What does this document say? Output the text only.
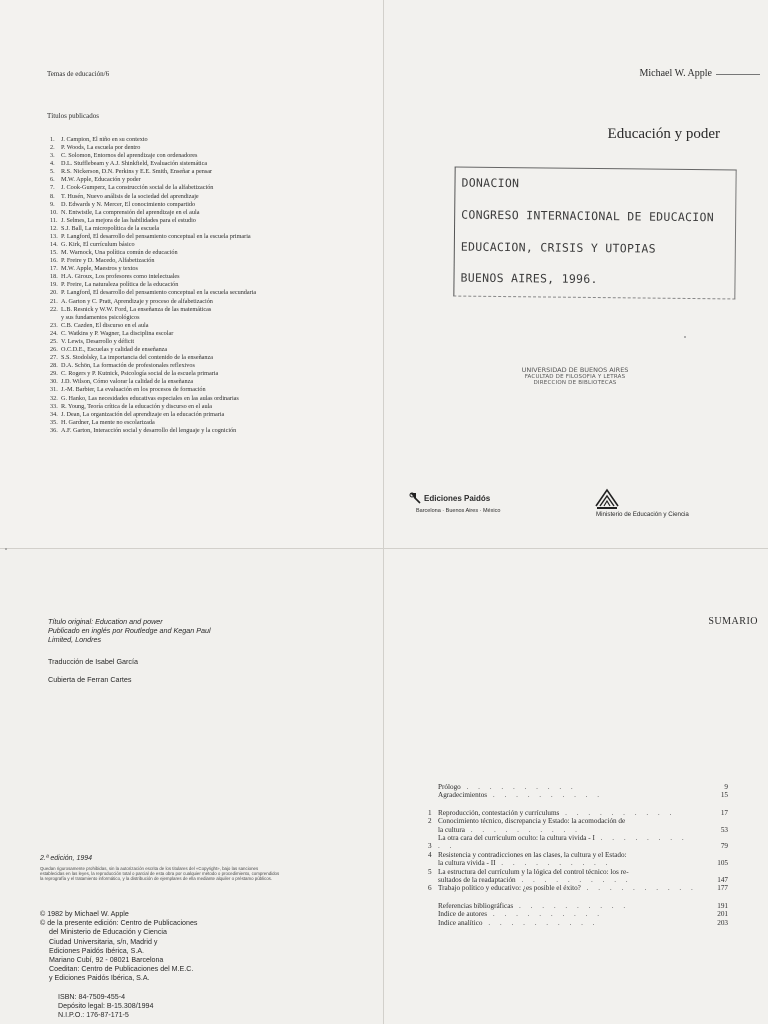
Temas de educación/6
Títulos publicados
1.	J. Campion, El niño en su contexto
2.	P. Woods, La escuela por dentro
3.	C. Solomon, Entornos del aprendizaje con ordenadores
4.	D.L. Stufflebeam y A.J. Shinkfield, Evaluación sistemática
5.	R.S. Nickerson, D.N. Perkins y E.E. Smith, Enseñar a pensar
6.	M.W. Apple, Educación y poder
7.	J. Cook-Gumperz, La construcción social de la alfabetización
8.	T. Husén, Nuevo análisis de la sociedad del aprendizaje
9.	D. Edwards y N. Mercer, El conocimiento compartido
10. N. Entwistle, La comprensión del aprendizaje en el aula
11. J. Selmes, La mejora de las habilidades para el estudio
12. S.J. Ball, La micropolítica de la escuela
13. P. Langford, El desarrollo del pensamiento conceptual en la escuela primaria
14. G. Kirk, El currículum básico
15. M. Warnock, Una política común de educación
16. P. Freire y D. Macedo, Alfabetización
17. M.W. Apple, Maestros y textos
18. H.A. Giroux, Los profesores como intelectuales
19. P. Freire, La naturaleza política de la educación
20. P. Langford, El desarrollo del pensamiento conceptual en la escuela secundaria
21. A. Garton y C. Pratt, Aprendizaje y proceso de alfabetización
22. L.B. Resnick y W.W. Ford, La enseñanza de las matemáticas
y sus fundamentos psicológicos
23. C.B. Cazden, El discurso en el aula
24. C. Watkins y P. Wagner, La disciplina escolar
25. V. Lewis, Desarrollo y déficit
26. O.C.D.E., Escuelas y calidad de enseñanza
27. S.S. Stodolsky, La importancia del contenido de la enseñanza
28. D.A. Schön, La formación de profesionales reflexivos
29. C. Rogers y P. Kutnick, Psicología social de la escuela primaria
30. J.D. Wilson, Cómo valorar la calidad de la enseñanza
31. J.-M. Barbier, La evaluación en los procesos de formación
32. G. Hanko, Las necesidades educativas especiales en las aulas ordinarias
33. R. Young, Teoría crítica de la educación y discurso en el aula
34. J. Dean, La organización del aprendizaje en la educación primaria
35. H. Gardner, La mente no escolarizada
36. A.F. Garton, Interacción social y desarrollo del lenguaje y la cognición
Michael W. Apple
Educación y poder
DONACION
CONGRESO INTERNACIONAL DE EDUCACION
EDUCACION, CRISIS Y UTOPIAS
BUENOS AIRES, 1996.
UNIVERSIDAD DE BUENOS AIRES
FACULTAD DE FILOSOFIA Y LETRAS
DIRECCION DE BIBLIOTECAS
Ediciones Paidós
Barcelona · Buenos Aires · México	Ministerio de Educación y Ciencia
Título original: Education and power
Publicado en inglés por Routledge and Kegan Paul
Limited, Londres
Traducción de Isabel García
Cubierta de Ferran Cartes
2.ª edición, 1994
Quedan rigurosamente prohibidas, sin la autorización escrita de los titulares del «Copyright», bajo las sanciones establecidas en las leyes, la reproducción total o parcial de esta obra por cualquier método o procedimiento, comprendidos la reprografía y el tratamiento informático, y la distribución de ejemplares de ella mediante alquiler o préstamo públicos.
© 1982 by Michael W. Apple
© de la presente edición: Centro de Publicaciones
del Ministerio de Educación y Ciencia
Ciudad Universitaria, s/n, Madrid y
Ediciones Paidós Ibérica, S.A.
Mariano Cubí, 92 - 08021 Barcelona
Coeditan: Centro de Publicaciones del M.E.C.
y Ediciones Paidós Ibérica, S.A.
ISBN: 84-7509-455-4
Depósito legal: B-15.308/1994
N.I.P.O.: 176-87-171-5
SUMARIO
Prólogo . . . . . . . . . .	9
Agradecimientos . . . . . . . . . .	15
1 Reproducción, contestación y currículums . . . . . . . . . .	17
2 Conocimiento técnico, discrepancia y Estado: la acomodación de
la cultura . . . . . . . . . .	53
3
La otra cara del currículum oculto: la cultura vivida - I . . . . . . . . . .	79
4 Resistencia y contradicciones en las clases, la cultura y el Estado:
la cultura vivida - II . . . . . . . . . .	105
5 La estructura del currículum y la lógica del control técnico: los re-
sultados de la readaptación . . . . . . . . . .	147
6 Trabajo político y educativo: ¿es posible el éxito? . . . . . . . . . .	177
Referencias bibliográficas . . . . . . . . . .	191
Indice de autores . . . . . . . . . .	201
Indice analítico . . . . . . . . . .	203
